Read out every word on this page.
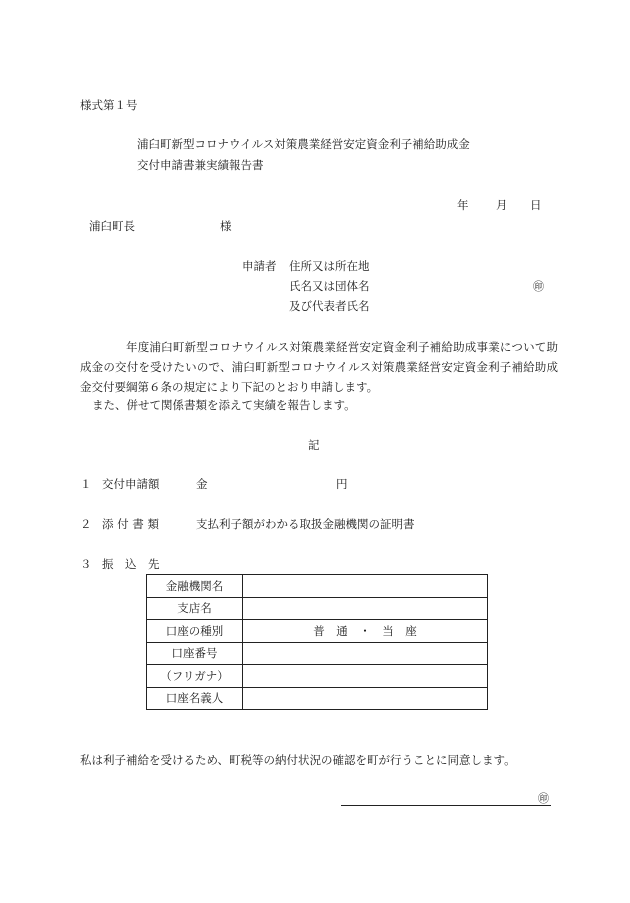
様式第１号
浦臼町新型コロナウイルス対策農業経営安定資金利子補給助成金
交付申請書兼実績報告書
年 月 日
浦臼町長	様
申請者 住所又は所在地
氏名又は団体名	㊞
及び代表者氏名
年度浦臼町新型コロナウイルス対策農業経営安定資金利子補給助成事業について助成金の交付を受けたいので、浦臼町新型コロナウイルス対策農業経営安定資金利子補給助成金交付要綱第６条の規定により下記のとおり申請します。
また、併せて関係書類を添えて実績を報告します。
記
１ 交付申請額	金	円
２ 添 付 書 類	支払利子額がわかる取扱金融機関の証明書
３ 振　込　先
金融機関名	
支店名	
口座の種別	普　通　・　当　座
口座番号	
（フリガナ）	
口座名義人	
私は利子補給を受けるため、町税等の納付状況の確認を町が行うことに同意します。
㊞
